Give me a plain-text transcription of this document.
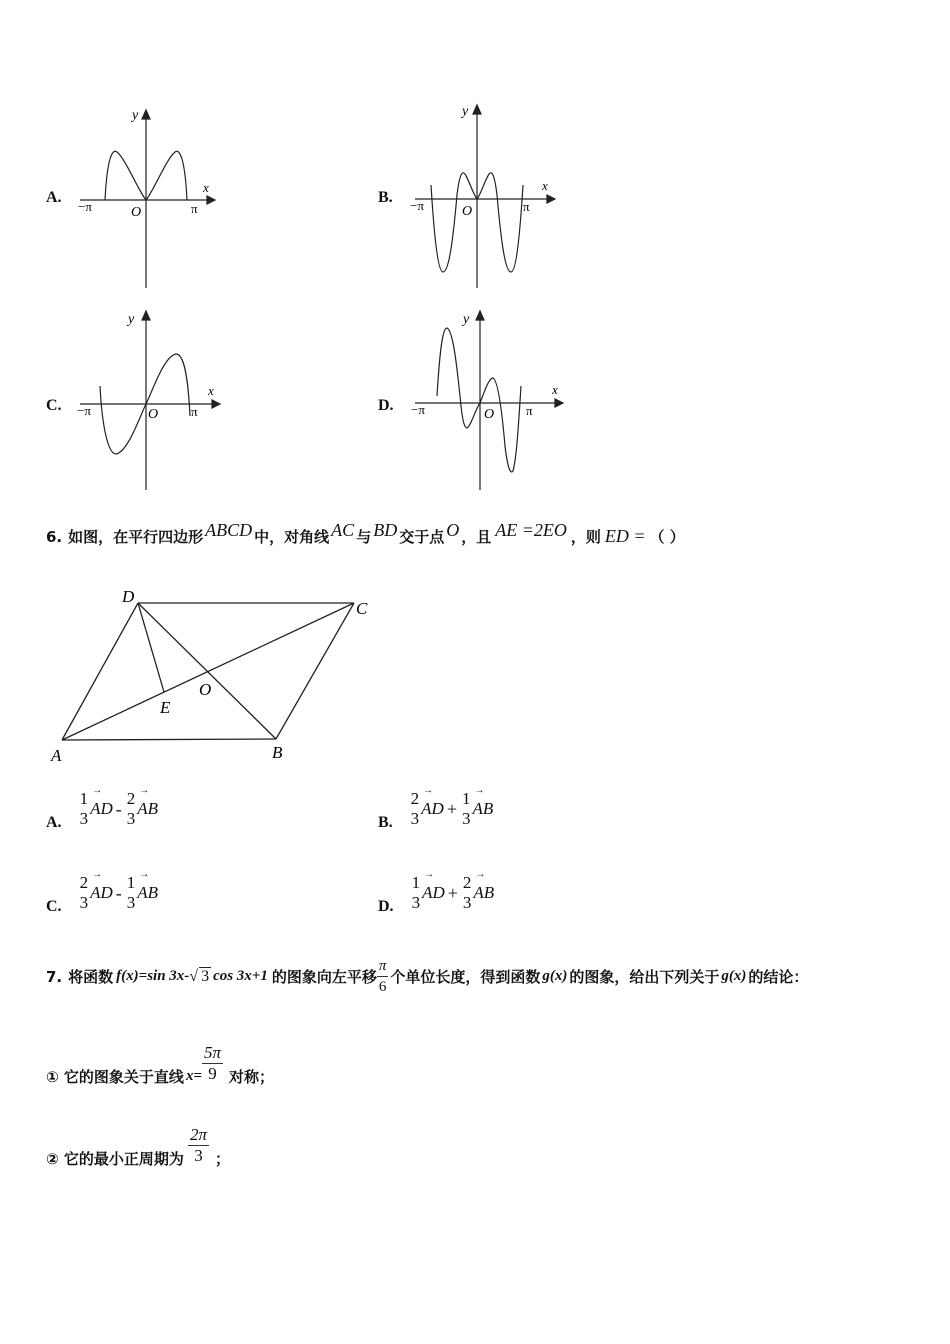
A.
y
x
−π	π
O
B.
y
x
−π	π
O
C.
y
x
−π	π
O
D.
y
x
−π	π
O
6. 如图，在平行四边形 ABCD 中，对角线 AC 与 BD 交于点 O ，且 AE =2EO ，则 ED = （ ）
D
C
A	B
O
E
A.
1
3
→ AD - 2
3
→ AB
B.
2
3
→ AD + 1
3
→ AB
C.
2
3
→ AD - 1
3
→ AB
D.
1
3
→ AD + 2
3
→ AB
7. 将函数 f(x)=sin 3x- √ 3 cos 3x+1 的图象向左平移 $\frac{\pi}{6}$ 个单位长度，得到函数 g(x) 的图象，给出下列关于 g(x) 的结论：
① 它的图象关于直线 $x= \frac{5\pi}{9}$ 对称；
② 它的最小正周期为 $\frac{2\pi}{3}$ ；
